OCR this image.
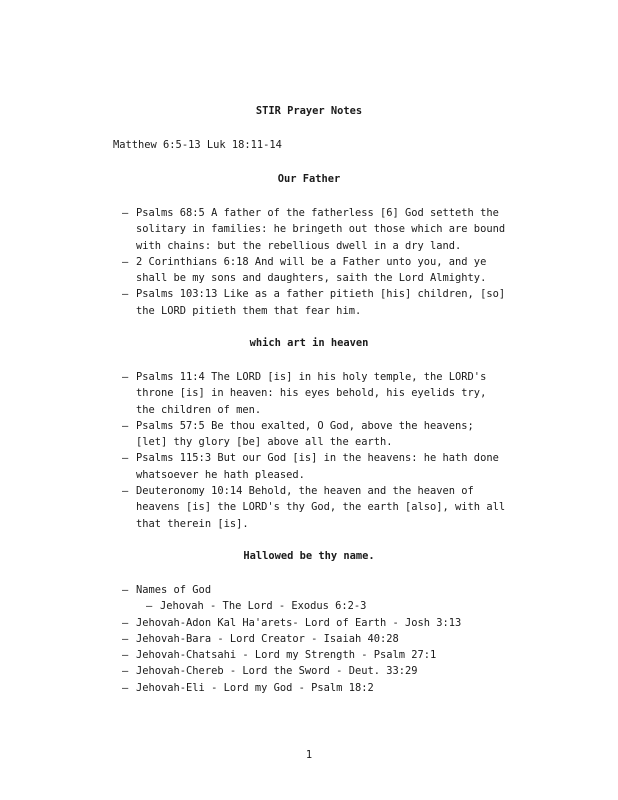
STIR Prayer Notes
Matthew 6:5-13 Luk 18:11-14
Our Father
– Psalms 68:5 A father of the fatherless [6] God setteth the
solitary in families: he bringeth out those which are bound
with chains: but the rebellious dwell in a dry land.
– 2 Corinthians 6:18 And will be a Father unto you, and ye
shall be my sons and daughters, saith the Lord Almighty.
– Psalms 103:13 Like as a father pitieth [his] children, [so]
the LORD pitieth them that fear him.
which art in heaven
– Psalms 11:4 The LORD [is] in his holy temple, the LORD's
throne [is] in heaven: his eyes behold, his eyelids try,
the children of men.
– Psalms 57:5 Be thou exalted, O God, above the heavens;
[let] thy glory [be] above all the earth.
– Psalms 115:3 But our God [is] in the heavens: he hath done
whatsoever he hath pleased.
– Deuteronomy 10:14 Behold, the heaven and the heaven of
heavens [is] the LORD's thy God, the earth [also], with all
that therein [is].
Hallowed be thy name.
– Names of God
– Jehovah - The Lord - Exodus 6:2-3
– Jehovah-Adon Kal Ha'arets- Lord of Earth - Josh 3:13
– Jehovah-Bara - Lord Creator - Isaiah 40:28
– Jehovah-Chatsahi - Lord my Strength - Psalm 27:1
– Jehovah-Chereb - Lord the Sword - Deut. 33:29
– Jehovah-Eli - Lord my God - Psalm 18:2
1
